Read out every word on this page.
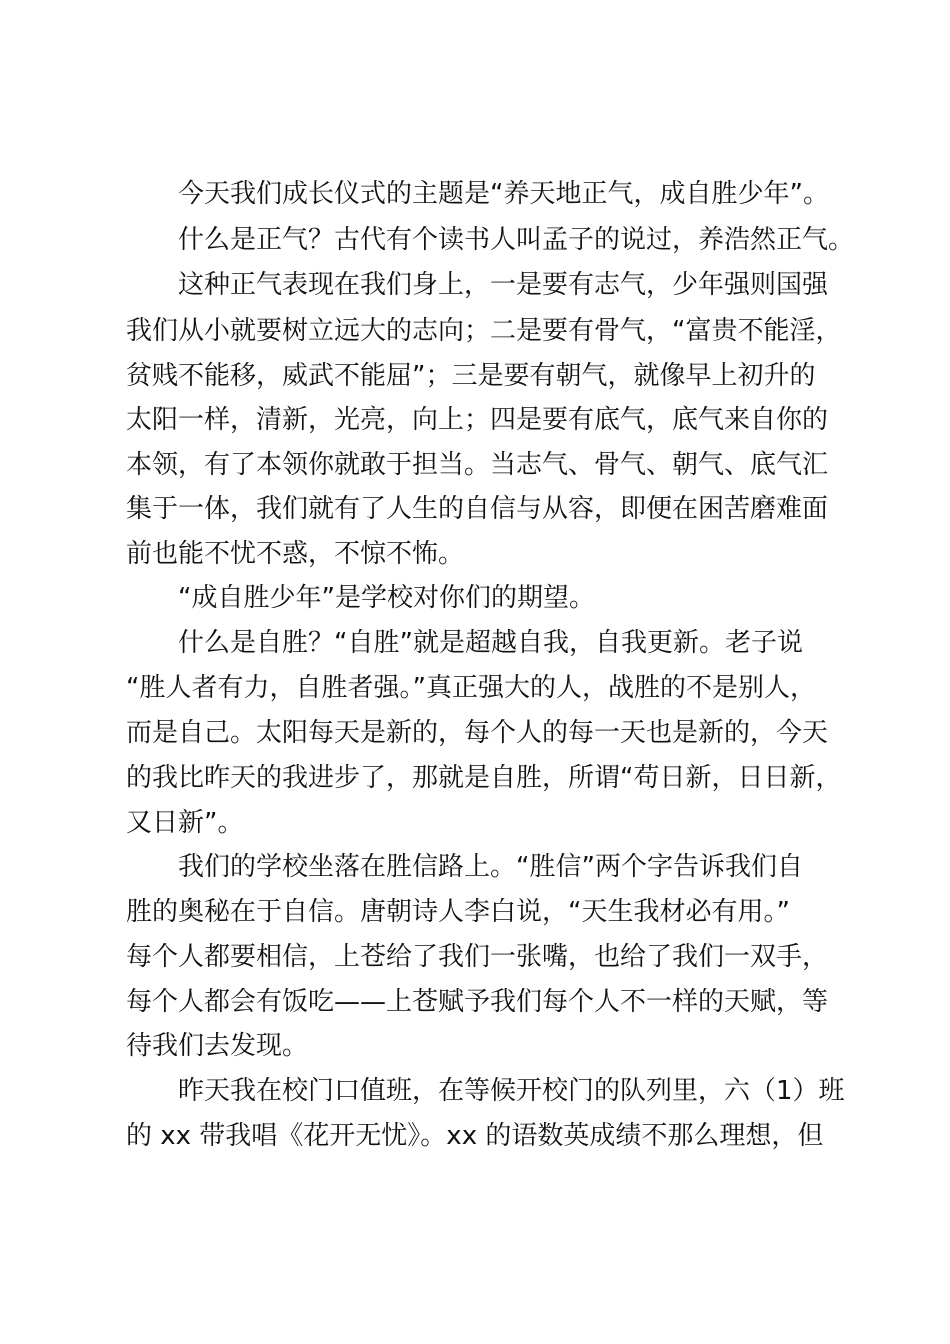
今天我们成长仪式的主题是“养天地正气，成自胜少年”。
什么是正气？古代有个读书人叫孟子的说过，养浩然正气。
这种正气表现在我们身上，一是要有志气，少年强则国强
我们从小就要树立远大的志向；二是要有骨气，“富贵不能淫，
贫贱不能移，威武不能屈”；三是要有朝气，就像早上初升的
太阳一样，清新，光亮，向上；四是要有底气，底气来自你的
本领，有了本领你就敢于担当。当志气、骨气、朝气、底气汇
集于一体，我们就有了人生的自信与从容，即便在困苦磨难面
前也能不忧不惑，不惊不怖。
“成自胜少年”是学校对你们的期望。
什么是自胜？“自胜”就是超越自我，自我更新。老子说
“胜人者有力，自胜者强。”真正强大的人，战胜的不是别人，
而是自己。太阳每天是新的，每个人的每一天也是新的，今天
的我比昨天的我进步了，那就是自胜，所谓“苟日新，日日新，
又日新”。
我们的学校坐落在胜信路上。“胜信”两个字告诉我们自
胜的奥秘在于自信。唐朝诗人李白说，“天生我材必有用。”
每个人都要相信，上苍给了我们一张嘴，也给了我们一双手，
每个人都会有饭吃——上苍赋予我们每个人不一样的天赋，等
待我们去发现。
昨天我在校门口值班，在等候开校门的队列里，六（1）班
的 xx 带我唱《花开无忧》。xx 的语数英成绩不那么理想，但
